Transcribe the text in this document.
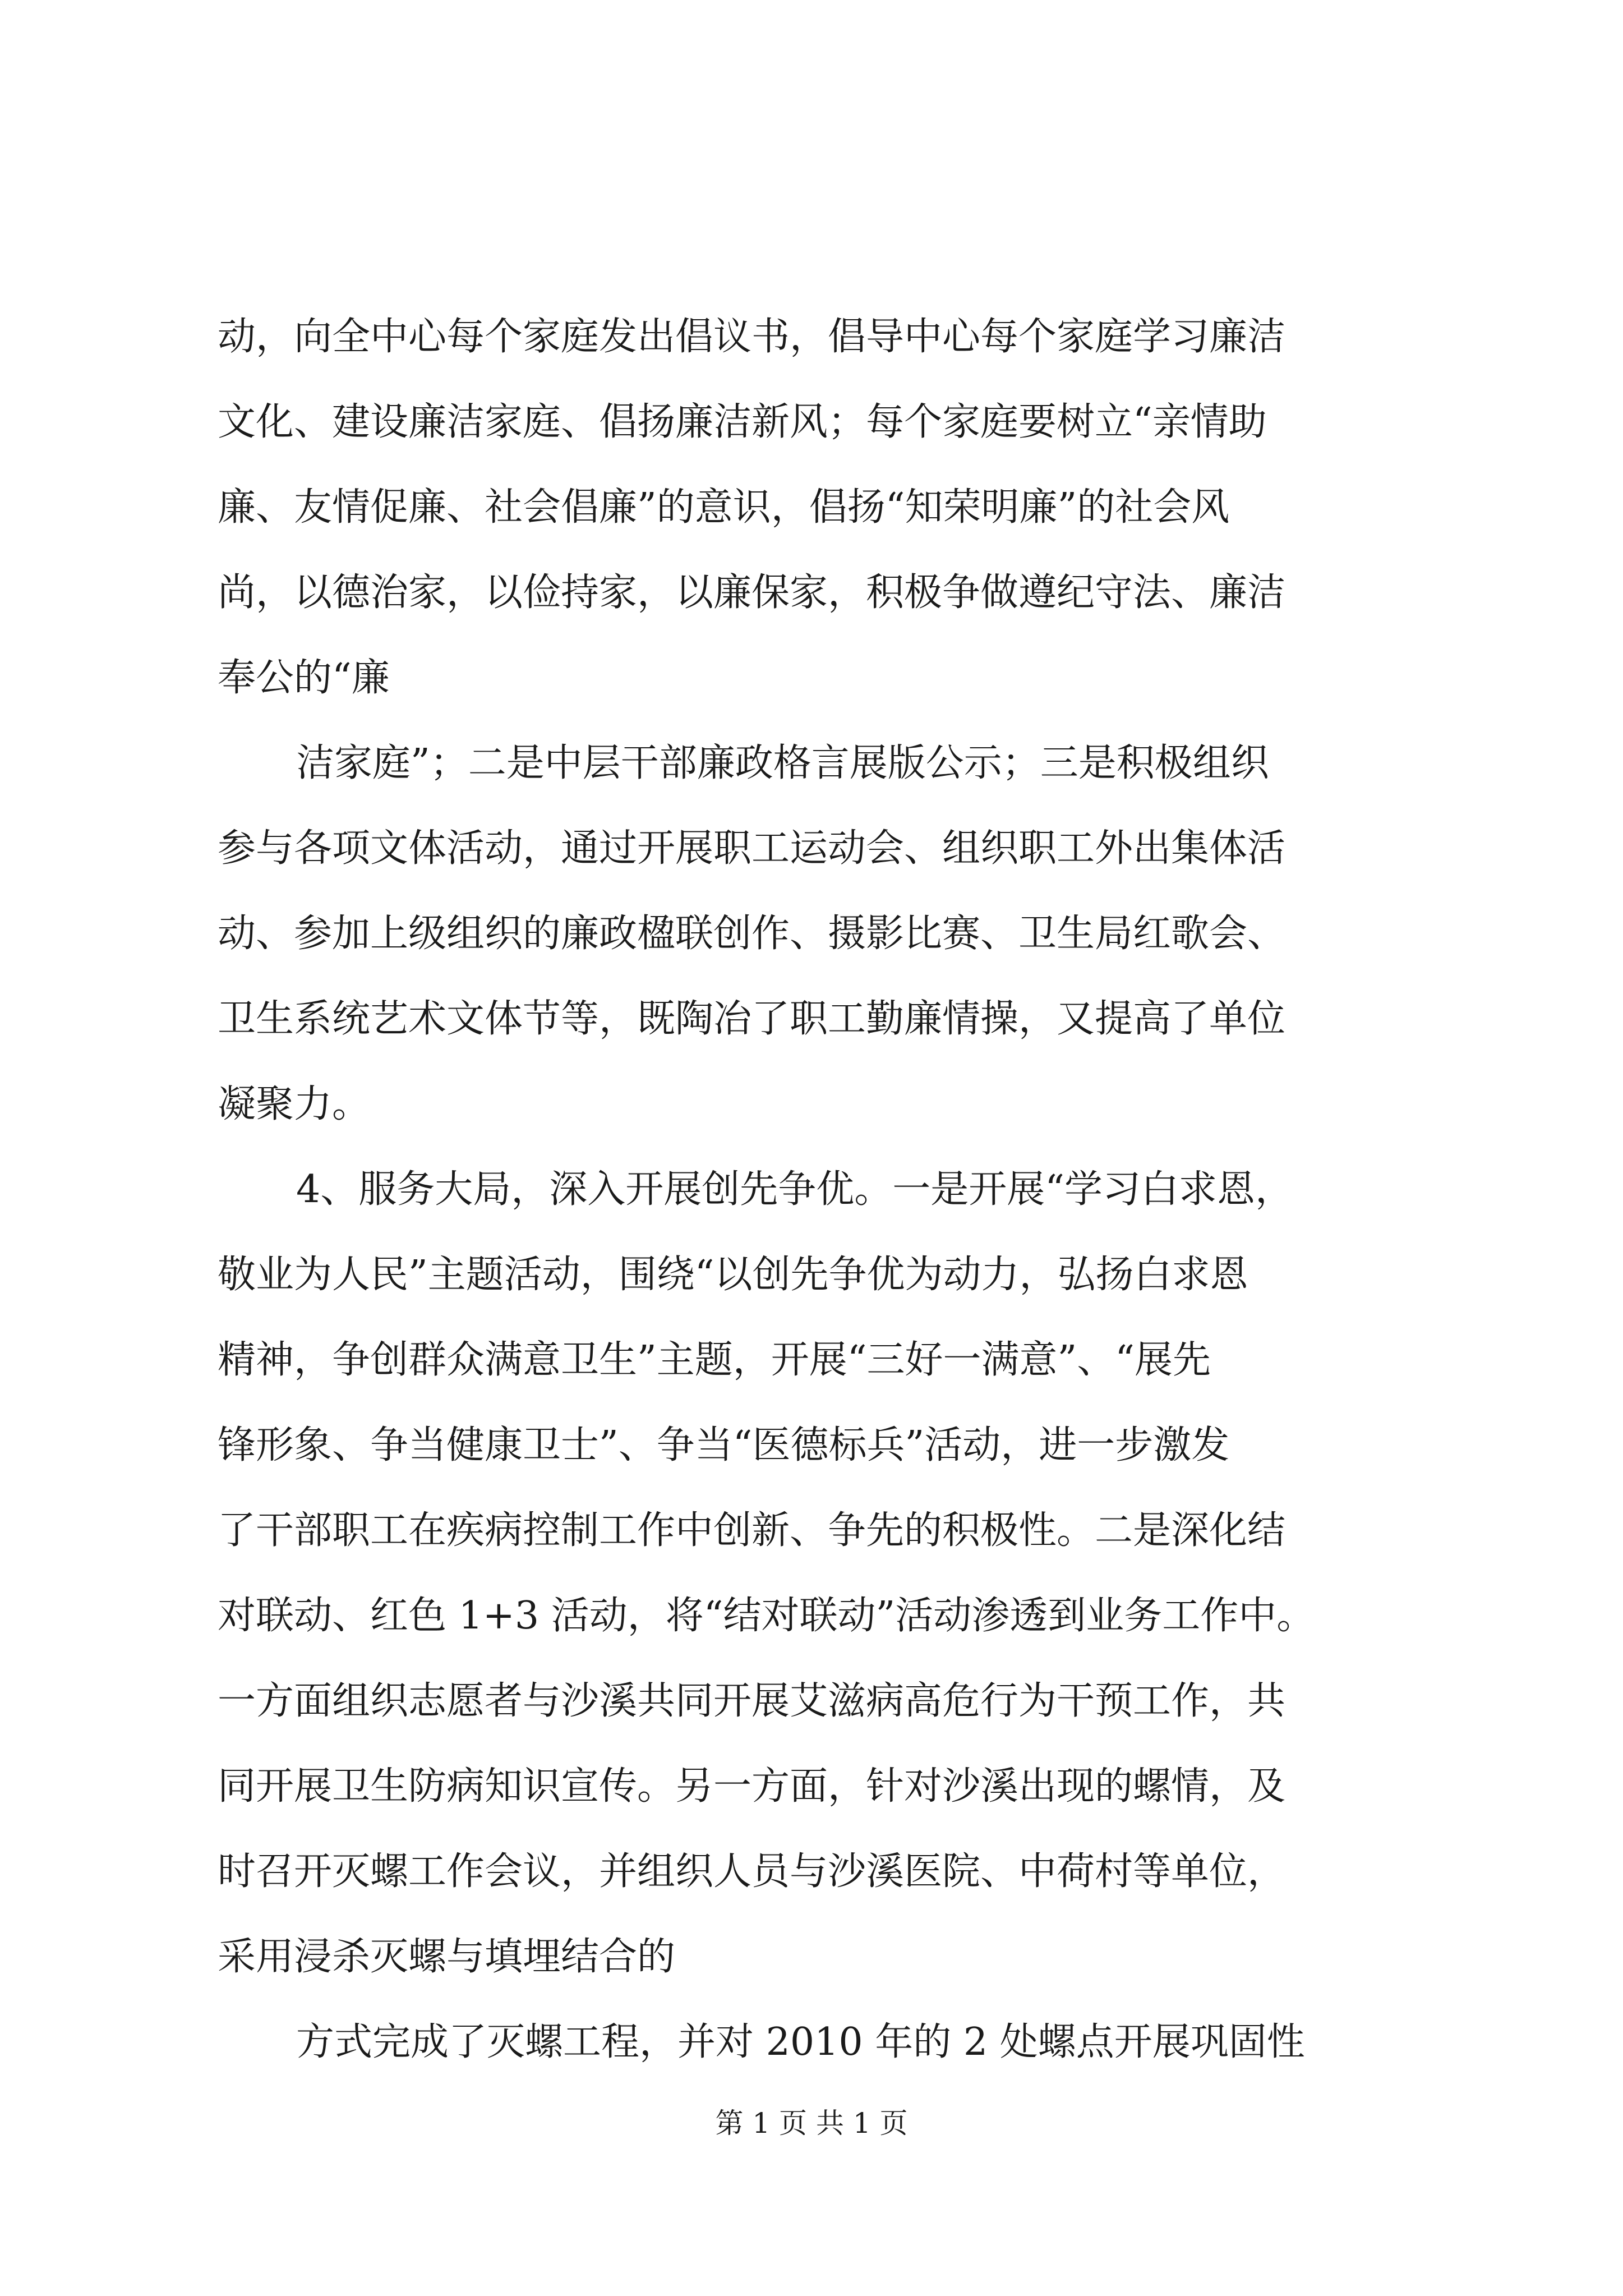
动，向全中心每个家庭发出倡议书，倡导中心每个家庭学习廉洁
文化、建设廉洁家庭、倡扬廉洁新风；每个家庭要树立“亲情助
廉、友情促廉、社会倡廉”的意识，倡扬“知荣明廉”的社会风
尚，以德治家，以俭持家，以廉保家，积极争做遵纪守法、廉洁
奉公的“廉
洁家庭”；二是中层干部廉政格言展版公示；三是积极组织
参与各项文体活动，通过开展职工运动会、组织职工外出集体活
动、参加上级组织的廉政楹联创作、摄影比赛、卫生局红歌会、
卫生系统艺术文体节等，既陶冶了职工勤廉情操，又提高了单位
凝聚力。
4、服务大局，深入开展创先争优。一是开展“学习白求恩，
敬业为人民”主题活动，围绕“以创先争优为动力，弘扬白求恩
精神，争创群众满意卫生”主题，开展“三好一满意”、“展先
锋形象、争当健康卫士”、争当“医德标兵”活动，进一步激发
了干部职工在疾病控制工作中创新、争先的积极性。二是深化结
对联动、红色 1+3 活动，将“结对联动”活动渗透到业务工作中。
一方面组织志愿者与沙溪共同开展艾滋病高危行为干预工作，共
同开展卫生防病知识宣传。另一方面，针对沙溪出现的螺情，及
时召开灭螺工作会议，并组织人员与沙溪医院、中荷村等单位，
采用浸杀灭螺与填埋结合的
方式完成了灭螺工程，并对 2010 年的 2 处螺点开展巩固性
第 1 页 共 1 页
